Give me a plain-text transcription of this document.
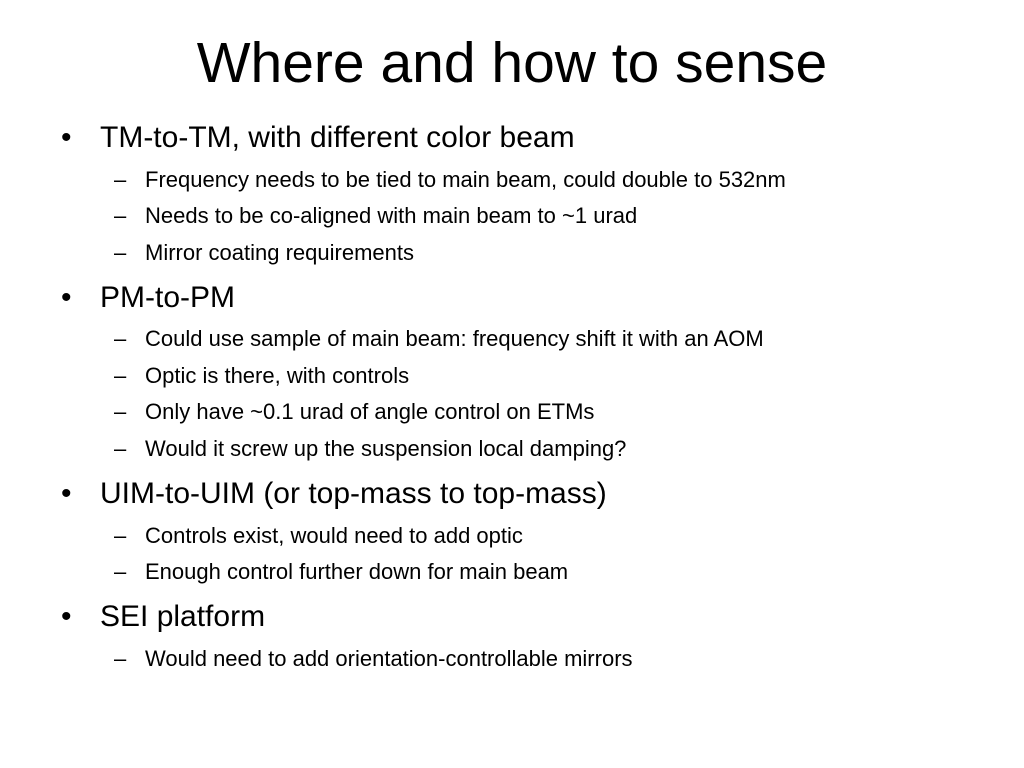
Where and how to sense
• TM-to-TM, with different color beam
– Frequency needs to be tied to main beam, could double to 532nm
– Needs to be co-aligned with main beam to ~1 urad
– Mirror coating requirements
• PM-to-PM
– Could use sample of main beam: frequency shift it with an AOM
– Optic is there, with controls
– Only have ~0.1 urad of angle control on ETMs
– Would it screw up the suspension local damping?
• UIM-to-UIM (or top-mass to top-mass)
– Controls exist, would need to add optic
– Enough control further down for main beam
• SEI platform
– Would need to add orientation-controllable mirrors
